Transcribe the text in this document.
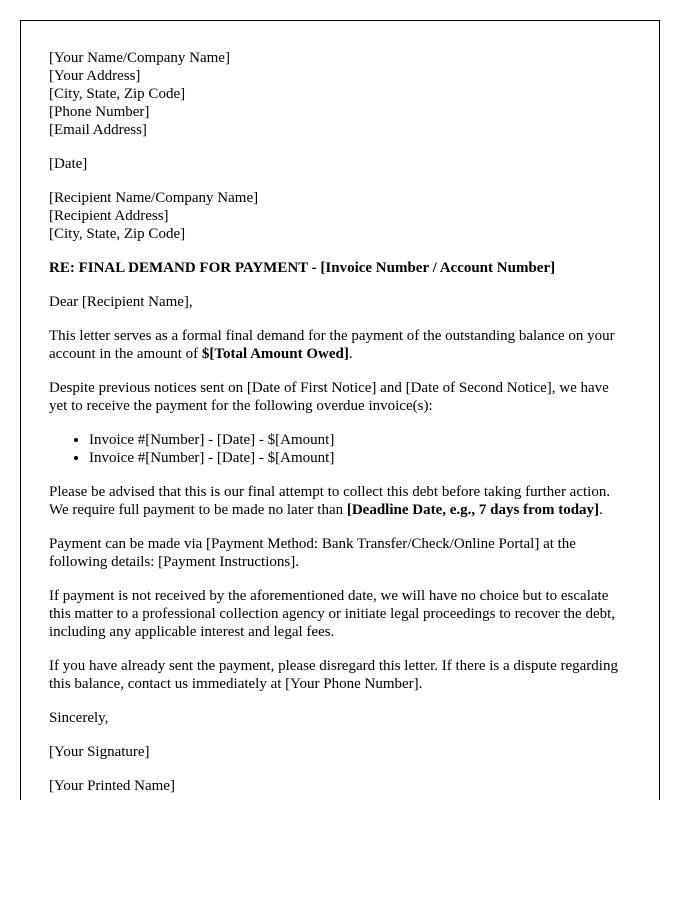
[Your Name/Company Name]
[Your Address]
[City, State, Zip Code]
[Phone Number]
[Email Address]

[Date]

[Recipient Name/Company Name]
[Recipient Address]
[City, State, Zip Code]

RE: FINAL DEMAND FOR PAYMENT - [Invoice Number / Account Number]

Dear [Recipient Name],

This letter serves as a formal final demand for the payment of the outstanding balance on your account in the amount of $[Total Amount Owed].

Despite previous notices sent on [Date of First Notice] and [Date of Second Notice], we have yet to receive the payment for the following overdue invoice(s):

• Invoice #[Number] - [Date] - $[Amount]
• Invoice #[Number] - [Date] - $[Amount]

Please be advised that this is our final attempt to collect this debt before taking further action. We require full payment to be made no later than [Deadline Date, e.g., 7 days from today].

Payment can be made via [Payment Method: Bank Transfer/Check/Online Portal] at the following details: [Payment Instructions].

If payment is not received by the aforementioned date, we will have no choice but to escalate this matter to a professional collection agency or initiate legal proceedings to recover the debt, including any applicable interest and legal fees.

If you have already sent the payment, please disregard this letter. If there is a dispute regarding this balance, contact us immediately at [Your Phone Number].

Sincerely,

[Your Signature]

[Your Printed Name]
